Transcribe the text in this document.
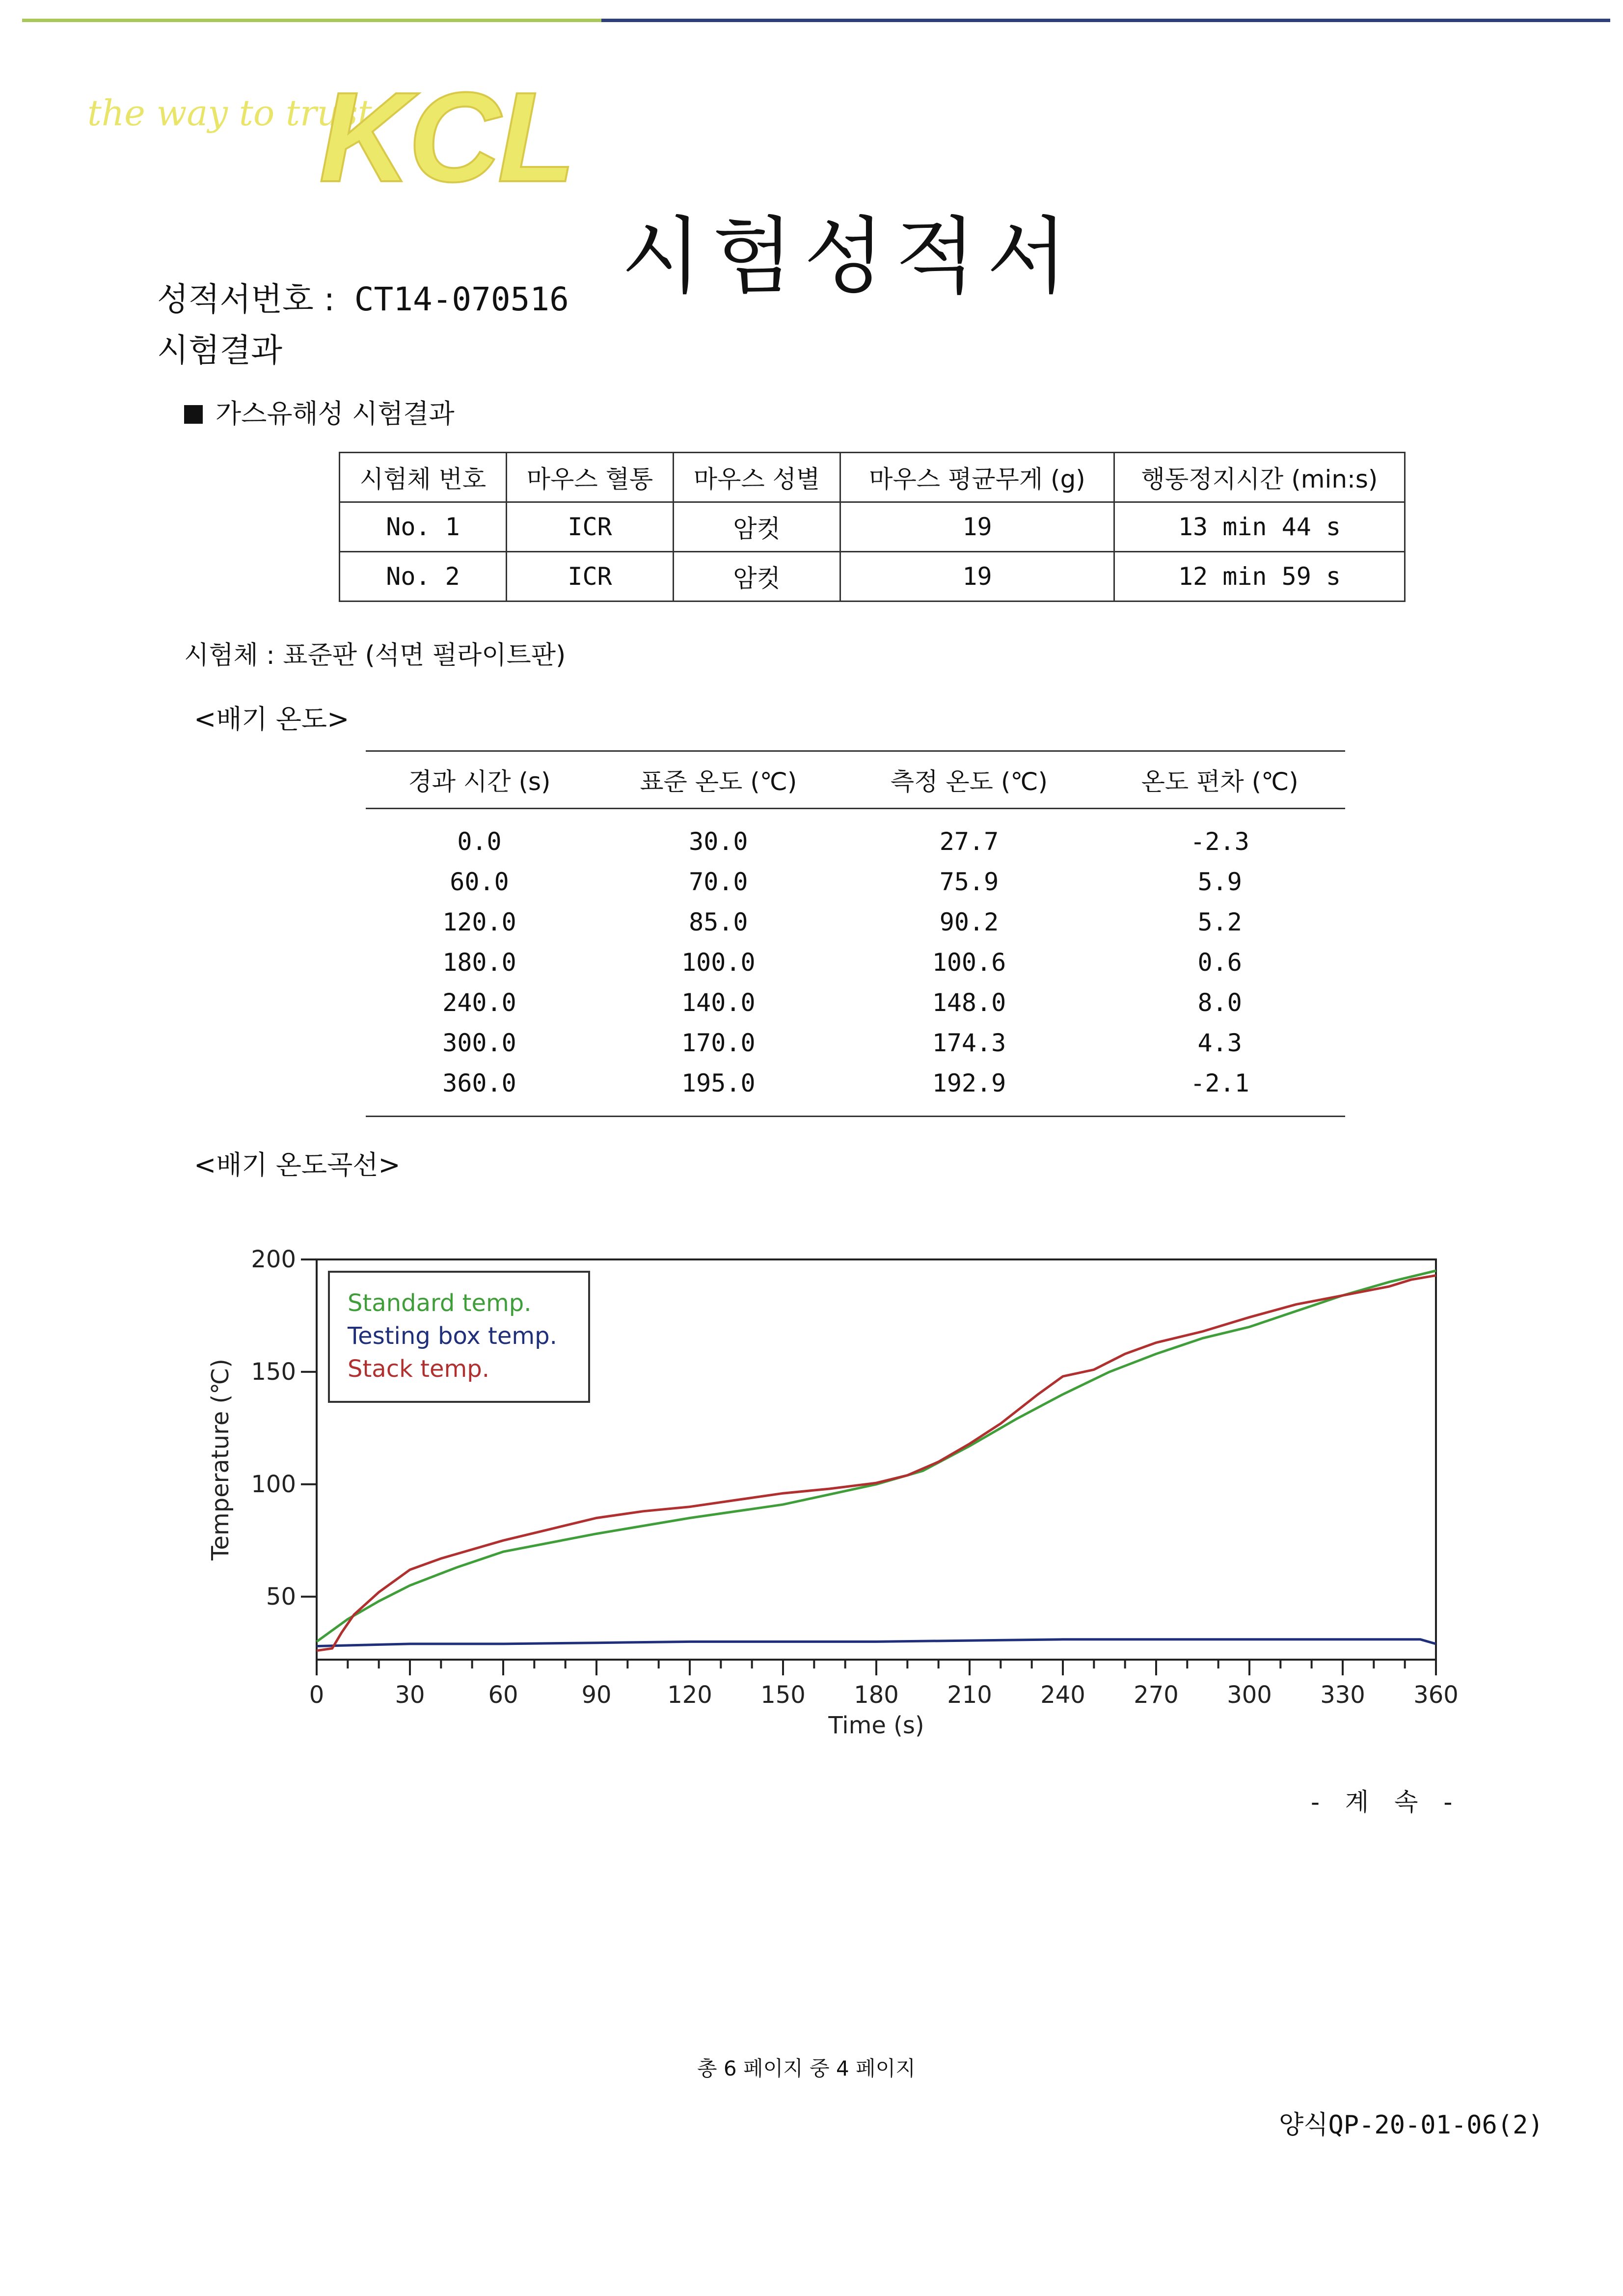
the way to trust
KCL
시험성적서
성적서번호 : CT14-070516
시험결과
가스유해성 시험결과
시험체 번호	마우스 혈통	마우스 성별	마우스 평균무게 (g)	행동정지시간 (min:s)
No. 1	ICR	암컷	19	13 min 44 s
No. 2	ICR	암컷	19	12 min 59 s
시험체 : 표준판 (석면 펄라이트판)
<배기 온도>
경과 시간 (s)	표준 온도 (℃)	측정 온도 (℃)	온도 편차 (℃)
0.0	30.0	27.7	-2.3
60.0	70.0	75.9	5.9
120.0	85.0	90.2	5.2
180.0	100.0	100.6	0.6
240.0	140.0	148.0	8.0
300.0	170.0	174.3	4.3
360.0	195.0	192.9	-2.1
<배기 온도곡선>
50
100
150
200
0	30	60	90 120 150 180 210 240 270 300 330 360
Time (s)
Temperature (℃)
Standard temp.
Testing box temp.
Stack temp.
- 계 속 -
총 6 페이지 중 4 페이지
양식QP-20-01-06(2)
